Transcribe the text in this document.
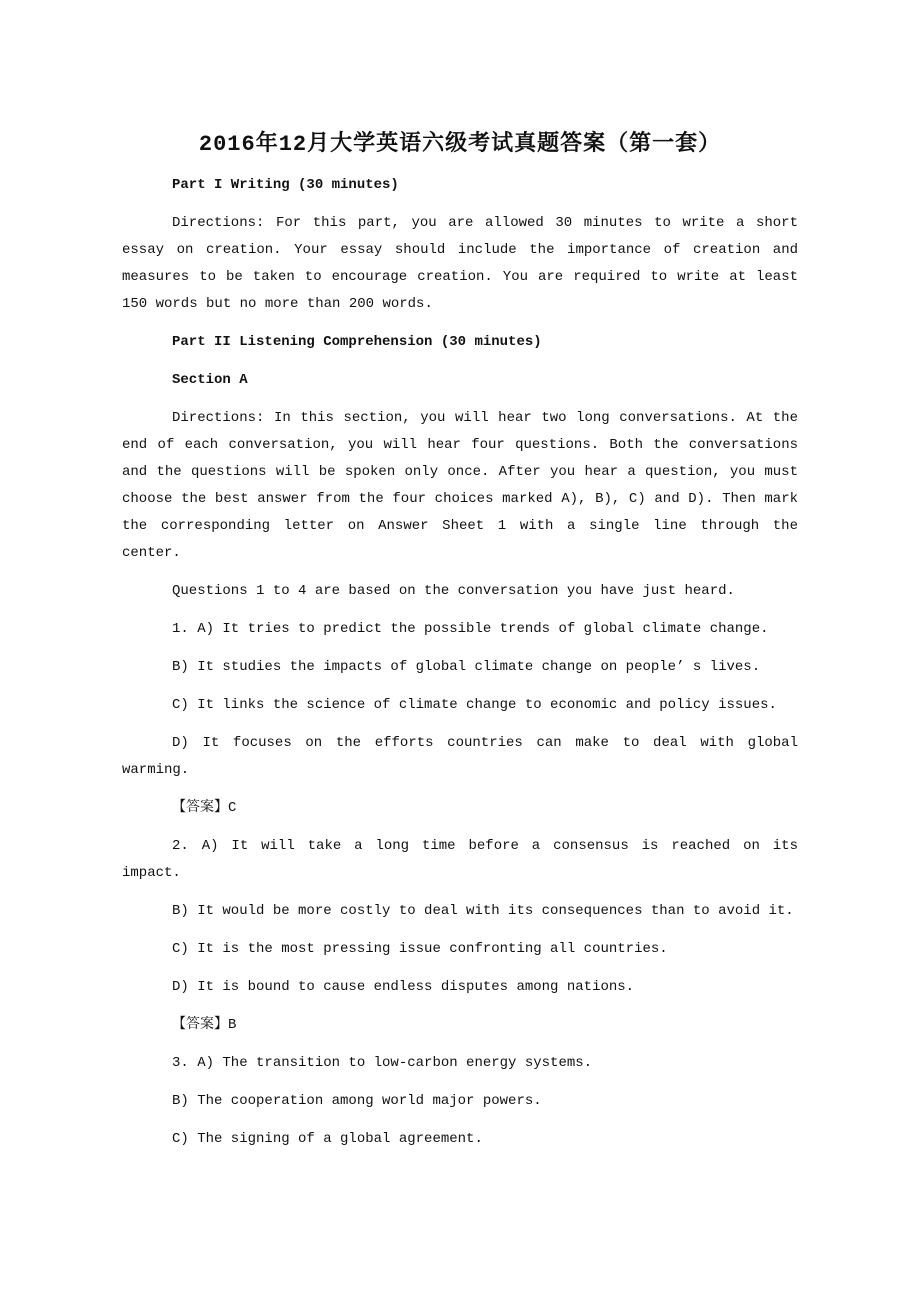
2016年12月大学英语六级考试真题答案（第一套）
Part I Writing (30 minutes)
Directions: For this part, you are allowed 30 minutes to write a short essay on creation. Your essay should include the importance of creation and measures to be taken to encourage creation. You are required to write at least 150 words but no more than 200 words.
Part II Listening Comprehension (30 minutes)
Section A
Directions: In this section, you will hear two long conversations. At the end of each conversation, you will hear four questions. Both the conversations and the questions will be spoken only once. After you hear a question, you must choose the best answer from the four choices marked A), B), C) and D). Then mark the corresponding letter on Answer Sheet 1 with a single line through the center.
Questions 1 to 4 are based on the conversation you have just heard.
1. A) It tries to predict the possible trends of global climate change.
B) It studies the impacts of global climate change on people’ s lives.
C) It links the science of climate change to economic and policy issues.
D) It focuses on the efforts countries can make to deal with global warming.
【答案】C
2. A) It will take a long time before a consensus is reached on its impact.
B) It would be more costly to deal with its consequences than to avoid it.
C) It is the most pressing issue confronting all countries.
D) It is bound to cause endless disputes among nations.
【答案】B
3. A) The transition to low-carbon energy systems.
B) The cooperation among world major powers.
C) The signing of a global agreement.
